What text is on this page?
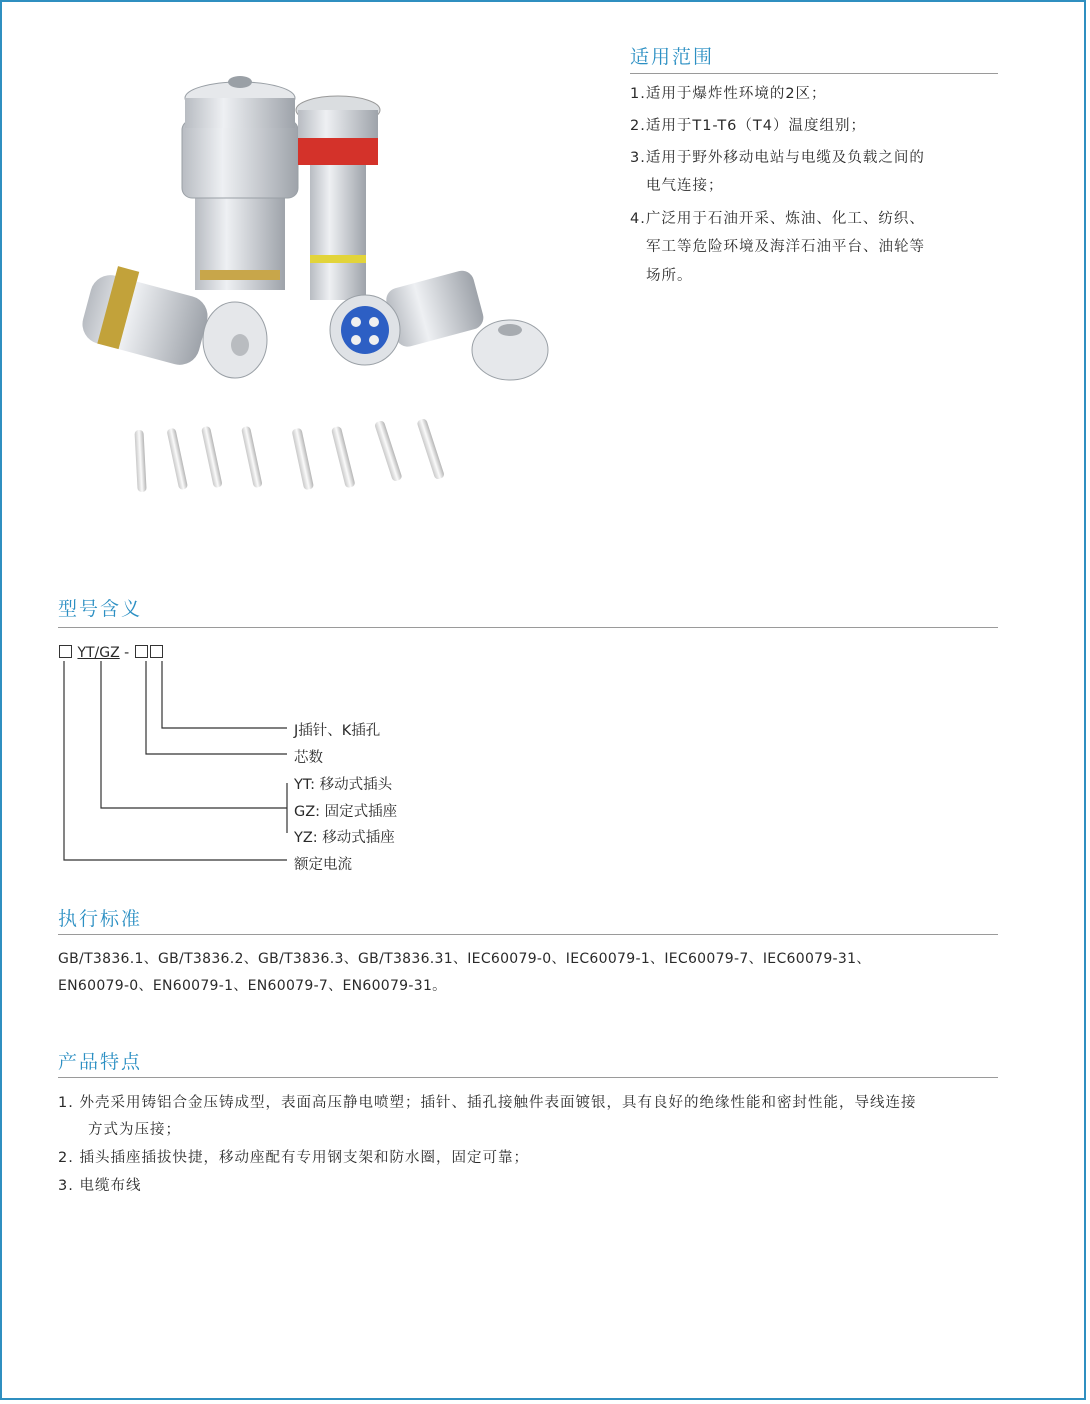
适用范围
1.适用于爆炸性环境的2区；
2.适用于T1-T6（T4）温度组别；
3.适用于野外移动电站与电缆及负载之间的
电气连接；
4.广泛用于石油开采、炼油、化工、纺织、
军工等危险环境及海洋石油平台、油轮等
场所。
型号含义
YT/GZ -
J插针、K插孔
芯数
YT: 移动式插头
GZ: 固定式插座
YZ: 移动式插座
额定电流
执行标准
GB/T3836.1、GB/T3836.2、GB/T3836.3、GB/T3836.31、IEC60079-0、IEC60079-1、IEC60079-7、IEC60079-31、
EN60079-0、EN60079-1、EN60079-7、EN60079-31。
产品特点
1. 外壳采用铸铝合金压铸成型，表面高压静电喷塑；插针、插孔接触件表面镀银，具有良好的绝缘性能和密封性能，导线连接
方式为压接；
2. 插头插座插拔快捷，移动座配有专用钢支架和防水圈，固定可靠；
3. 电缆布线
